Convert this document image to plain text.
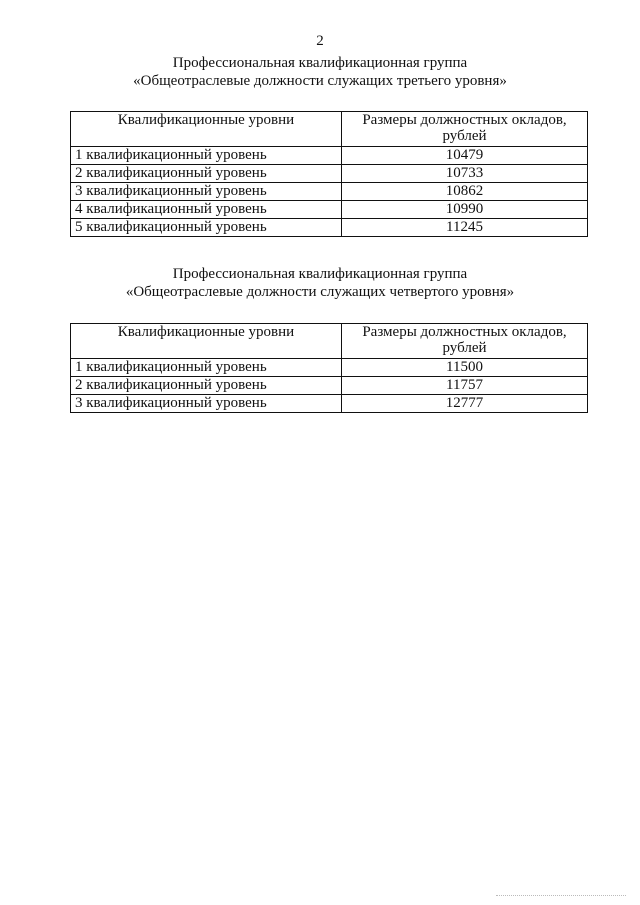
2
Профессиональная квалификационная группа
«Общеотраслевые должности служащих третьего уровня»
Квалификационные уровни	Размеры должностных окладов,
рублей
1 квалификационный уровень	10479
2 квалификационный уровень	10733
3 квалификационный уровень	10862
4 квалификационный уровень	10990
5 квалификационный уровень	11245
Профессиональная квалификационная группа
«Общеотраслевые должности служащих четвертого уровня»
Квалификационные уровни	Размеры должностных окладов,
рублей
1 квалификационный уровень	11500
2 квалификационный уровень	11757
3 квалификационный уровень	12777
